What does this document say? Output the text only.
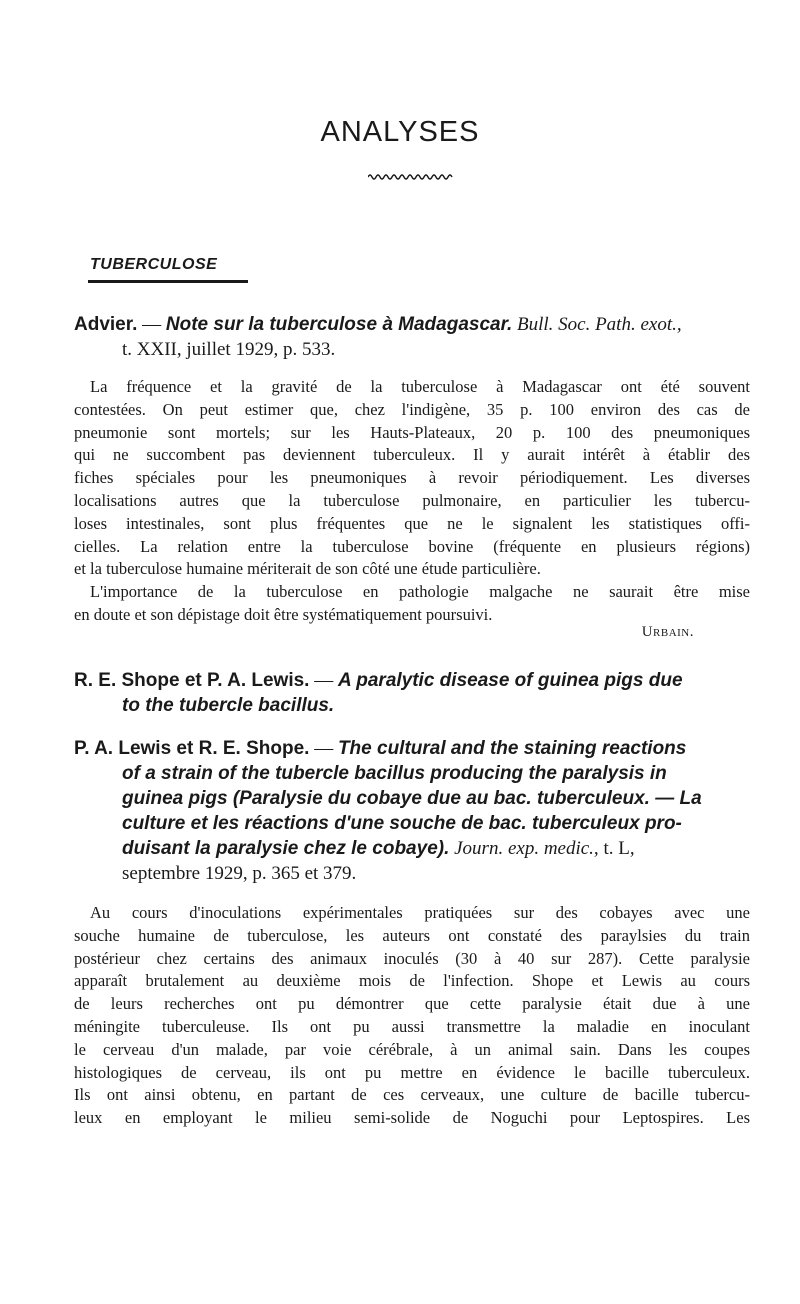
ANALYSES
TUBERCULOSE
Advier. — Note sur la tuberculose à Madagascar. Bull. Soc. Path. exot.,
t. XXII, juillet 1929, p. 533.
La fréquence et la gravité de la tuberculose à Madagascar ont été souvent
contestées. On peut estimer que, chez l'indigène, 35 p. 100 environ des cas de
pneumonie sont mortels; sur les Hauts-Plateaux, 20 p. 100 des pneumoniques
qui ne succombent pas deviennent tuberculeux. Il y aurait intérêt à établir des
fiches spéciales pour les pneumoniques à revoir périodiquement. Les diverses
localisations autres que la tuberculose pulmonaire, en particulier les tubercu-
loses intestinales, sont plus fréquentes que ne le signalent les statistiques offi-
cielles. La relation entre la tuberculose bovine (fréquente en plusieurs régions)
et la tuberculose humaine mériterait de son côté une étude particulière.
L'importance de la tuberculose en pathologie malgache ne saurait être mise
en doute et son dépistage doit être systématiquement poursuivi.
Urbain.
R. E. Shope et P. A. Lewis. — A paralytic disease of guinea pigs due
to the tubercle bacillus.
P. A. Lewis et R. E. Shope. — The cultural and the staining reactions
of a strain of the tubercle bacillus producing the paralysis in
guinea pigs (Paralysie du cobaye due au bac. tuberculeux. — La
culture et les réactions d'une souche de bac. tuberculeux pro-
duisant la paralysie chez le cobaye). Journ. exp. medic., t. L,
septembre 1929, p. 365 et 379.
Au cours d'inoculations expérimentales pratiquées sur des cobayes avec une
souche humaine de tuberculose, les auteurs ont constaté des paraylsies du train
postérieur chez certains des animaux inoculés (30 à 40 sur 287). Cette paralysie
apparaît brutalement au deuxième mois de l'infection. Shope et Lewis au cours
de leurs recherches ont pu démontrer que cette paralysie était due à une
méningite tuberculeuse. Ils ont pu aussi transmettre la maladie en inoculant
le cerveau d'un malade, par voie cérébrale, à un animal sain. Dans les coupes
histologiques de cerveau, ils ont pu mettre en évidence le bacille tuberculeux.
Ils ont ainsi obtenu, en partant de ces cerveaux, une culture de bacille tubercu-
leux en employant le milieu semi-solide de Noguchi pour Leptospires. Les
